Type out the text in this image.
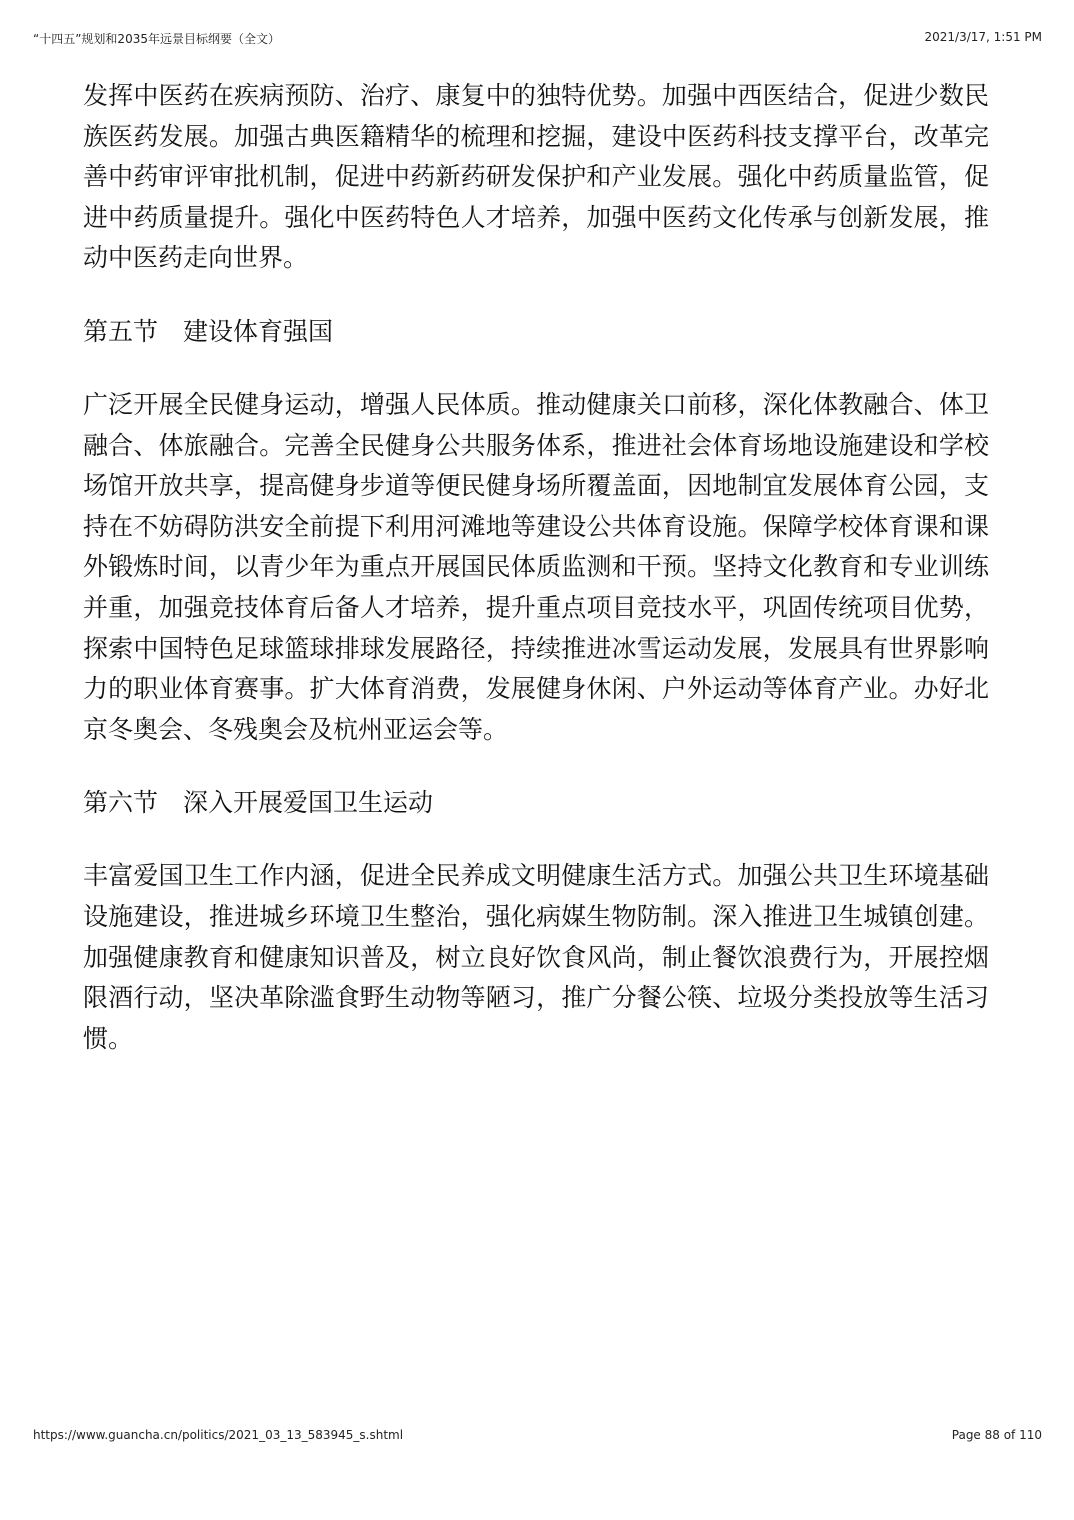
“十四五”规划和2035年远景目标纲要（全文）	2021/3/17, 1:51 PM

发挥中医药在疾病预防、治疗、康复中的独特优势。加强中西医结合，促进少数民族医药发展。加强古典医籍精华的梳理和挖掘，建设中医药科技支撑平台，改革完善中药审评审批机制，促进中药新药研发保护和产业发展。强化中药质量监管，促进中药质量提升。强化中医药特色人才培养，加强中医药文化传承与创新发展，推动中医药走向世界。

第五节　建设体育强国

广泛开展全民健身运动，增强人民体质。推动健康关口前移，深化体教融合、体卫融合、体旅融合。完善全民健身公共服务体系，推进社会体育场地设施建设和学校场馆开放共享，提高健身步道等便民健身场所覆盖面，因地制宜发展体育公园，支持在不妨碍防洪安全前提下利用河滩地等建设公共体育设施。保障学校体育课和课外锻炼时间，以青少年为重点开展国民体质监测和干预。坚持文化教育和专业训练并重，加强竞技体育后备人才培养，提升重点项目竞技水平，巩固传统项目优势，探索中国特色足球篮球排球发展路径，持续推进冰雪运动发展，发展具有世界影响力的职业体育赛事。扩大体育消费，发展健身休闲、户外运动等体育产业。办好北京冬奥会、冬残奥会及杭州亚运会等。

第六节　深入开展爱国卫生运动

丰富爱国卫生工作内涵，促进全民养成文明健康生活方式。加强公共卫生环境基础设施建设，推进城乡环境卫生整治，强化病媒生物防制。深入推进卫生城镇创建。加强健康教育和健康知识普及，树立良好饮食风尚，制止餐饮浪费行为，开展控烟限酒行动，坚决革除滥食野生动物等陋习，推广分餐公筷、垃圾分类投放等生活习惯。

https://www.guancha.cn/politics/2021_03_13_583945_s.shtml	Page 88 of 110
